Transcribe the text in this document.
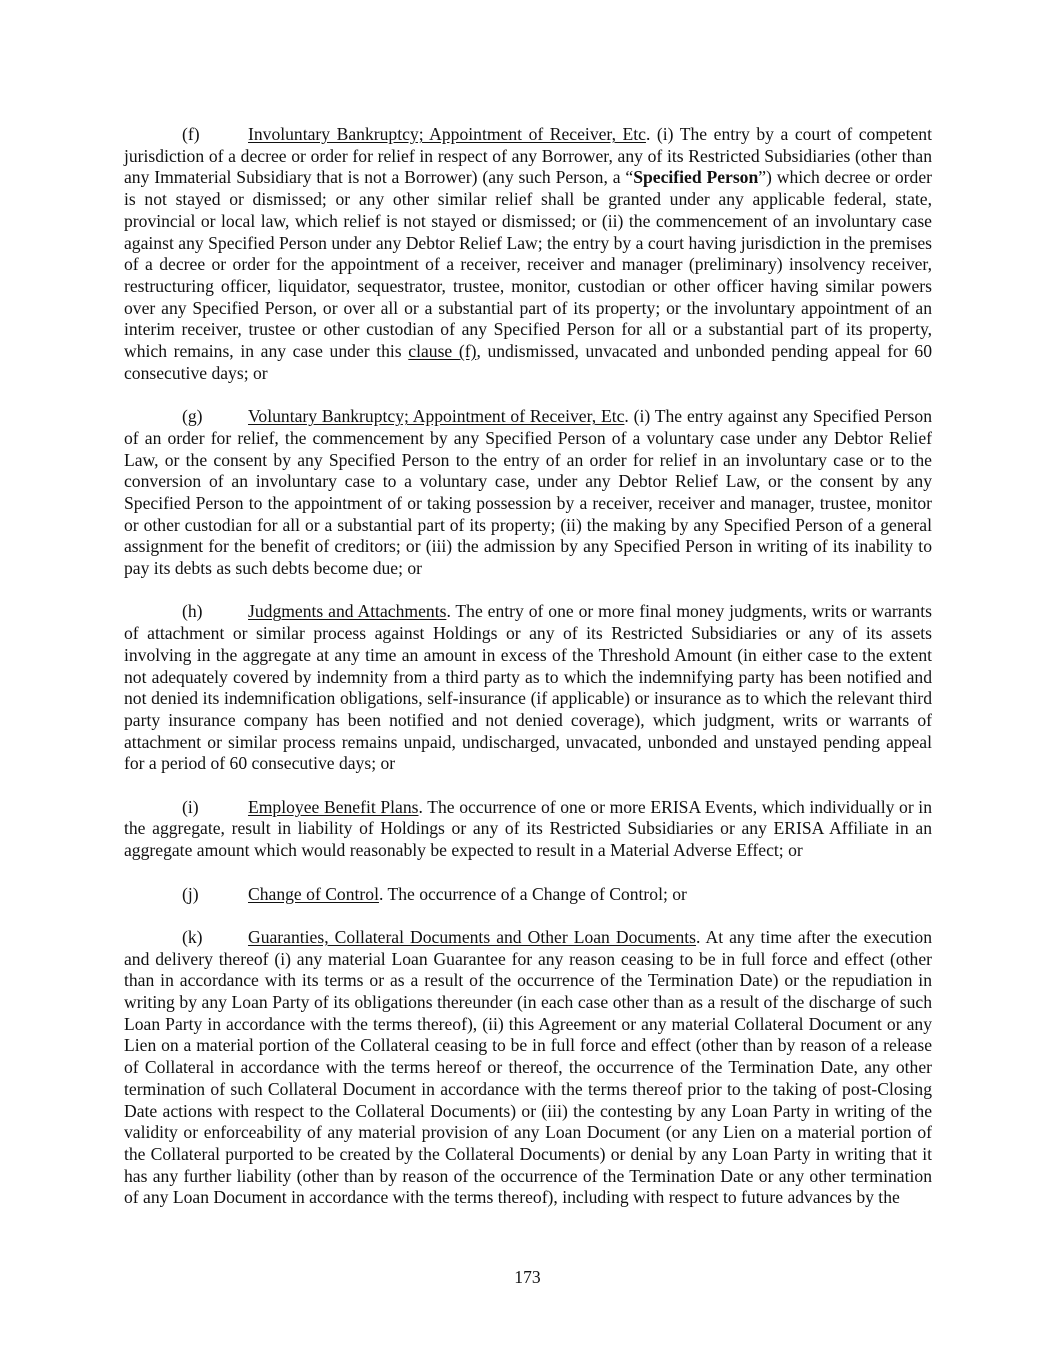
(f)	Involuntary Bankruptcy; Appointment of Receiver, Etc. (i) The entry by a court of competent jurisdiction of a decree or order for relief in respect of any Borrower, any of its Restricted Subsidiaries (other than any Immaterial Subsidiary that is not a Borrower) (any such Person, a “Specified Person”) which decree or order is not stayed or dismissed; or any other similar relief shall be granted under any applicable federal, state, provincial or local law, which relief is not stayed or dismissed; or (ii) the commencement of an involuntary case against any Specified Person under any Debtor Relief Law; the entry by a court having jurisdiction in the premises of a decree or order for the appointment of a receiver, receiver and manager (preliminary) insolvency receiver, restructuring officer, liquidator, sequestrator, trustee, monitor, custodian or other officer having similar powers over any Specified Person, or over all or a substantial part of its property; or the involuntary appointment of an interim receiver, trustee or other custodian of any Specified Person for all or a substantial part of its property, which remains, in any case under this clause (f), undismissed, unvacated and unbonded pending appeal for 60 consecutive days; or

(g)	Voluntary Bankruptcy; Appointment of Receiver, Etc. (i) The entry against any Specified Person of an order for relief, the commencement by any Specified Person of a voluntary case under any Debtor Relief Law, or the consent by any Specified Person to the entry of an order for relief in an involuntary case or to the conversion of an involuntary case to a voluntary case, under any Debtor Relief Law, or the consent by any Specified Person to the appointment of or taking possession by a receiver, receiver and manager, trustee, monitor or other custodian for all or a substantial part of its property; (ii) the making by any Specified Person of a general assignment for the benefit of creditors; or (iii) the admission by any Specified Person in writing of its inability to pay its debts as such debts become due; or

(h)	Judgments and Attachments. The entry of one or more final money judgments, writs or warrants of attachment or similar process against Holdings or any of its Restricted Subsidiaries or any of its assets involving in the aggregate at any time an amount in excess of the Threshold Amount (in either case to the extent not adequately covered by indemnity from a third party as to which the indemnifying party has been notified and not denied its indemnification obligations, self-insurance (if applicable) or insurance as to which the relevant third party insurance company has been notified and not denied coverage), which judgment, writs or warrants of attachment or similar process remains unpaid, undischarged, unvacated, unbonded and unstayed pending appeal for a period of 60 consecutive days; or

(i)	Employee Benefit Plans. The occurrence of one or more ERISA Events, which individually or in the aggregate, result in liability of Holdings or any of its Restricted Subsidiaries or any ERISA Affiliate in an aggregate amount which would reasonably be expected to result in a Material Adverse Effect; or

(j)	Change of Control. The occurrence of a Change of Control; or

(k)	Guaranties, Collateral Documents and Other Loan Documents. At any time after the execution and delivery thereof (i) any material Loan Guarantee for any reason ceasing to be in full force and effect (other than in accordance with its terms or as a result of the occurrence of the Termination Date) or the repudiation in writing by any Loan Party of its obligations thereunder (in each case other than as a result of the discharge of such Loan Party in accordance with the terms thereof), (ii) this Agreement or any material Collateral Document or any Lien on a material portion of the Collateral ceasing to be in full force and effect (other than by reason of a release of Collateral in accordance with the terms hereof or thereof, the occurrence of the Termination Date, any other termination of such Collateral Document in accordance with the terms thereof prior to the taking of post-Closing Date actions with respect to the Collateral Documents) or (iii) the contesting by any Loan Party in writing of the validity or enforceability of any material provision of any Loan Document (or any Lien on a material portion of the Collateral purported to be created by the Collateral Documents) or denial by any Loan Party in writing that it has any further liability (other than by reason of the occurrence of the Termination Date or any other termination of any Loan Document in accordance with the terms thereof), including with respect to future advances by the

173
